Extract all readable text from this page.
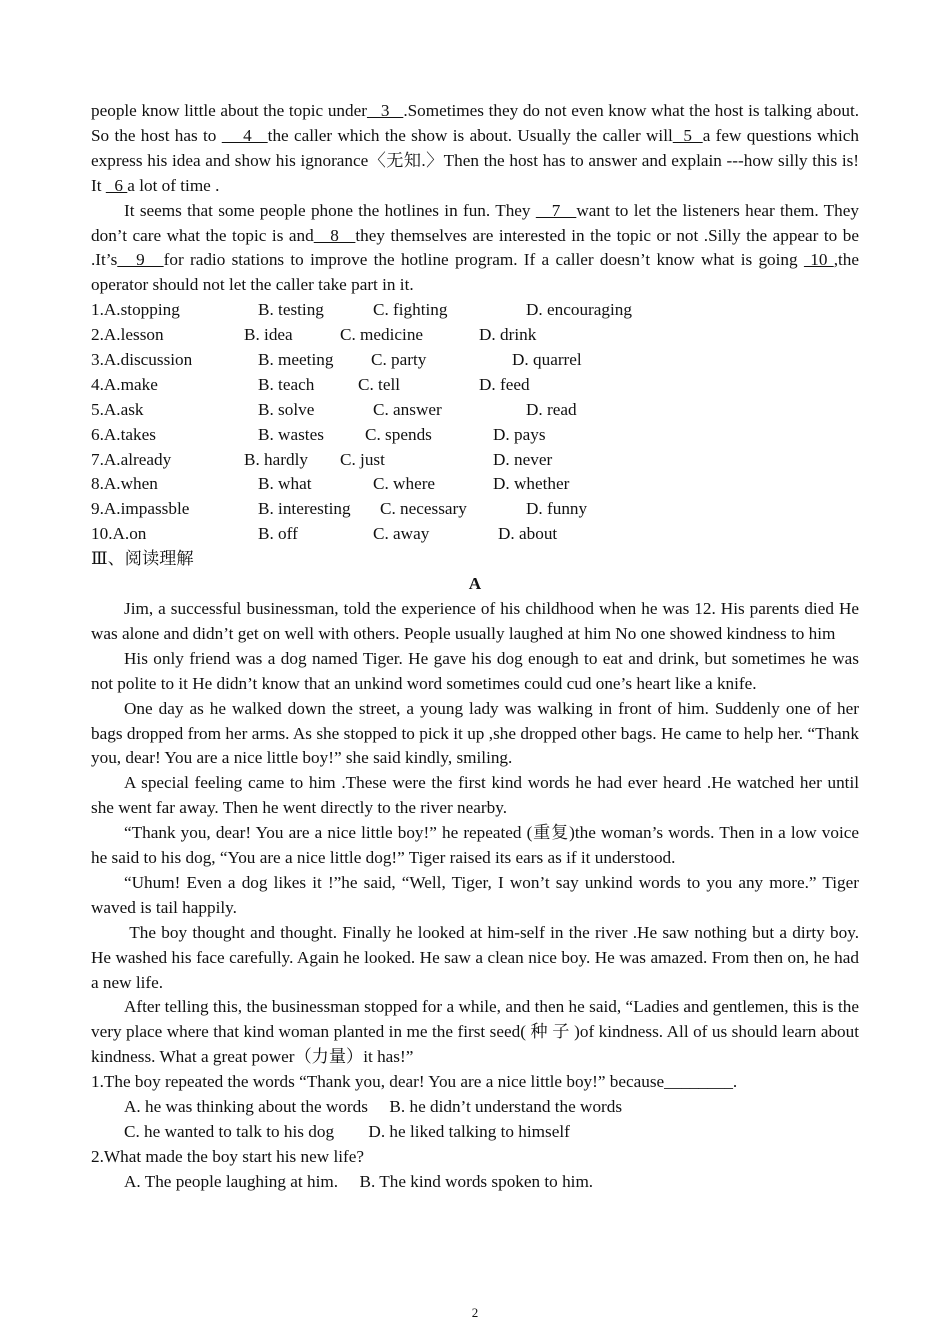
people know little about the topic under   3   .Sometimes they do not even know what the host is talking about. So the host has to     4   the caller which the show is about. Usually the caller will  5  a few questions which express his idea and show his ignorance〈无知.〉Then the host has to answer and explain ---how silly this is! It   6 a lot of time .

It seems that some people phone the hotlines in fun. They    7   want to let the listeners hear them. They don’t care what the topic is and   8   they themselves are interested in the topic or not .Silly the appear to be .It’s   9   for radio stations to improve the hotline program. If a caller doesn’t know what is going  10 ,the operator should not let the caller take part in it.

1.A.stopping	B. testing	C. fighting	D. encouraging
2.A.lesson	B. idea	C. medicine	D. drink
3.A.discussion	B. meeting C. party	D. quarrel
4.A.make	B. teach	C. tell	D. feed
5.A.ask	B. solve	C. answer	D. read
6.A.takes	B. wastes C. spends	D. pays
7.A.already	B. hardly C. just	D. never
8.A.when	B. what	C. where	D. whether
9.A.impassble	B. interesting C. necessary	D. funny
10.A.on	B. off	C. away	D. about

Ⅲ、阅读理解

A

Jim, a successful businessman, told the experience of his childhood when he was 12. His parents died He was alone and didn’t get on well with others. People usually laughed at him No one showed kindness to him

His only friend was a dog named Tiger. He gave his dog enough to eat and drink, but sometimes he was not polite to it He didn’t know that an unkind word sometimes could cud one’s heart like a knife.

One day as he walked down the street, a young lady was walking in front of him. Suddenly one of her bags dropped from her arms. As she stopped to pick it up ,she dropped other bags. He came to help her. “Thank you, dear! You are a nice little boy!” she said kindly, smiling.

A special feeling came to him .These were the first kind words he had ever heard .He watched her until she went far away. Then he went directly to the river nearby.

“Thank you, dear! You are a nice little boy!” he repeated (重复)the woman’s words. Then in a low voice he said to his dog, “You are a nice little dog!” Tiger raised its ears as if it understood.

“Uhum! Even a dog likes it !”he said, “Well, Tiger, I won’t say unkind words to you any more.” Tiger waved is tail happily.

The boy thought and thought. Finally he looked at him-self in the river .He saw nothing but a dirty boy. He washed his face carefully. Again he looked. He saw a clean nice boy. He was amazed. From then on, he had a new life.

After telling this, the businessman stopped for a while, and then he said, “Ladies and gentlemen, this is the very place where that kind woman planted in me the first seed( 种 子 )of kindness. All of us should learn about kindness. What a great power（力量）it has!”

1.The boy repeated the words “Thank you, dear! You are a nice little boy!” because________.

A. he was thinking about the words     B. he didn’t understand the words

C. he wanted to talk to his dog        D. he liked talking to himself

2.What made the boy start his new life?

A. The people laughing at him.     B. The kind words spoken to him.

2
